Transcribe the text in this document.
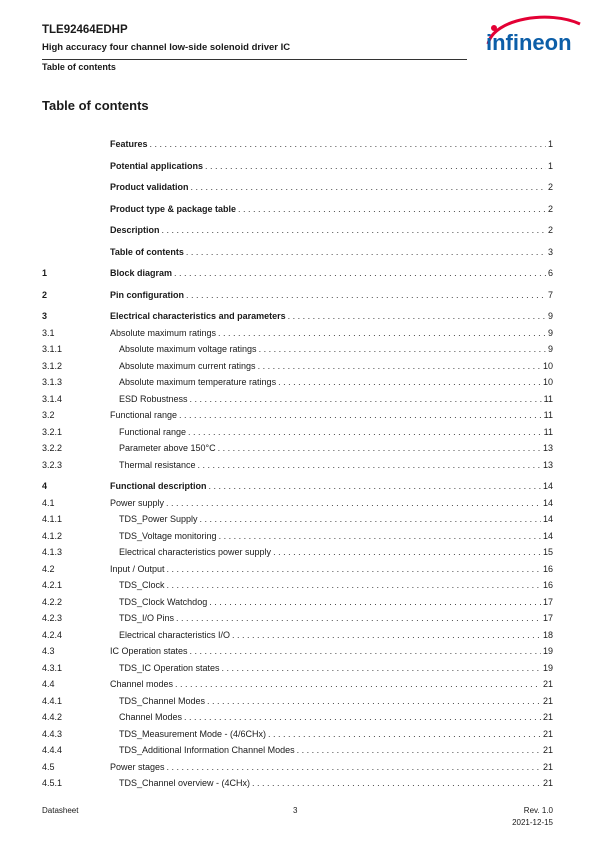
TLE92464EDHP
High accuracy four channel low-side solenoid driver IC
Table of contents
infineon
Table of contents
Features . . .	1
Potential applications . . .	1
Product validation . . .	2
Product type & package table . . .	2
Description . . .	2
Table of contents . . .	3
1	Block diagram . . .	6
2	Pin configuration . . .	7
3	Electrical characteristics and parameters . . .	9
3.1	Absolute maximum ratings . . .	9
3.1.1	Absolute maximum voltage ratings . . .	9
3.1.2	Absolute maximum current ratings . . .	10
3.1.3	Absolute maximum temperature ratings . . .	10
3.1.4	ESD Robustness . . .	11
3.2	Functional range . . .	11
3.2.1	Functional range . . .	11
3.2.2	Parameter above 150°C . . .	13
3.2.3	Thermal resistance . . .	13
4	Functional description . . .	14
4.1	Power supply . . .	14
4.1.1	TDS_Power Supply . . .	14
4.1.2	TDS_Voltage monitoring . . .	14
4.1.3	Electrical characteristics power supply . . .	15
4.2	Input / Output . . .	16
4.2.1	TDS_Clock . . .	16
4.2.2	TDS_Clock Watchdog . . .	17
4.2.3	TDS_I/O Pins . . .	17
4.2.4	Electrical characteristics I/O . . .	18
4.3	IC Operation states . . .	19
4.3.1	TDS_IC Operation states . . .	19
4.4	Channel modes . . .	21
4.4.1	TDS_Channel Modes . . .	21
4.4.2	Channel Modes . . .	21
4.4.3	TDS_Measurement Mode - (4/6CHx) . . .	21
4.4.4	TDS_Additional Information Channel Modes . . .	21
4.5	Power stages . . .	21
4.5.1	TDS_Channel overview - (4CHx) . . .	21
Datasheet	3	Rev. 1.0
2021-12-15
